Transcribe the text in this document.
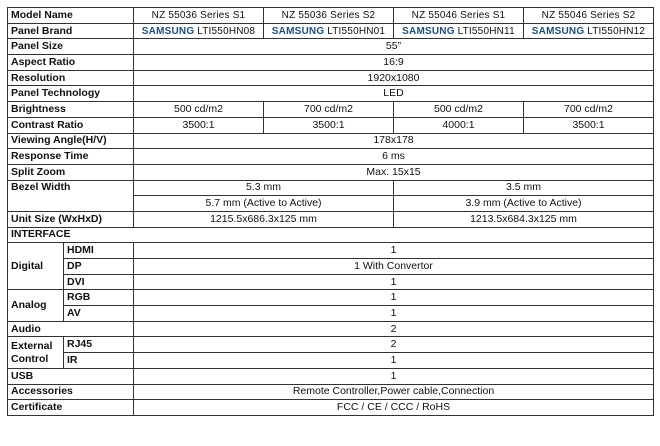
Model Name		NZ 55036 Series S1	NZ 55036 Series S2	NZ 55046 Series S1	NZ 55046 Series S2
Panel Brand		SAMSUNG LTI550HN08	SAMSUNG LTI550HN01	SAMSUNG LTI550HN11	SAMSUNG LTI550HN12
Panel Size		55”			
Aspect Ratio		16:9			
Resolution		1920x1080			
Panel Technology		LED			
Brightness		500 cd/m2	700 cd/m2	500 cd/m2	700 cd/m2
Contrast Ratio		3500:1	3500:1	4000:1	3500:1
Viewing Angle(H/V)		178x178			
Response Time		6 ms			
Split Zoom		Max. 15x15			
Bezel Width		5.3 mm		3.5 mm	
		5.7 mm (Active to Active)		3.9 mm (Active to Active)	
Unit Size (WxHxD)		1215.5x686.3x125 mm		1213.5x684.3x125 mm	
INTERFACE					
Digital	HDMI	1			
	DP	1 With Convertor			
	DVI	1			
Analog	RGB	1			
	AV	1			
Audio		2			
External
Control	RJ45	2			
	IR	1			
USB		1			
Accessories		Remote Controller,Power cable,Connection			
Certificate		FCC / CE / CCC / RoHS			
